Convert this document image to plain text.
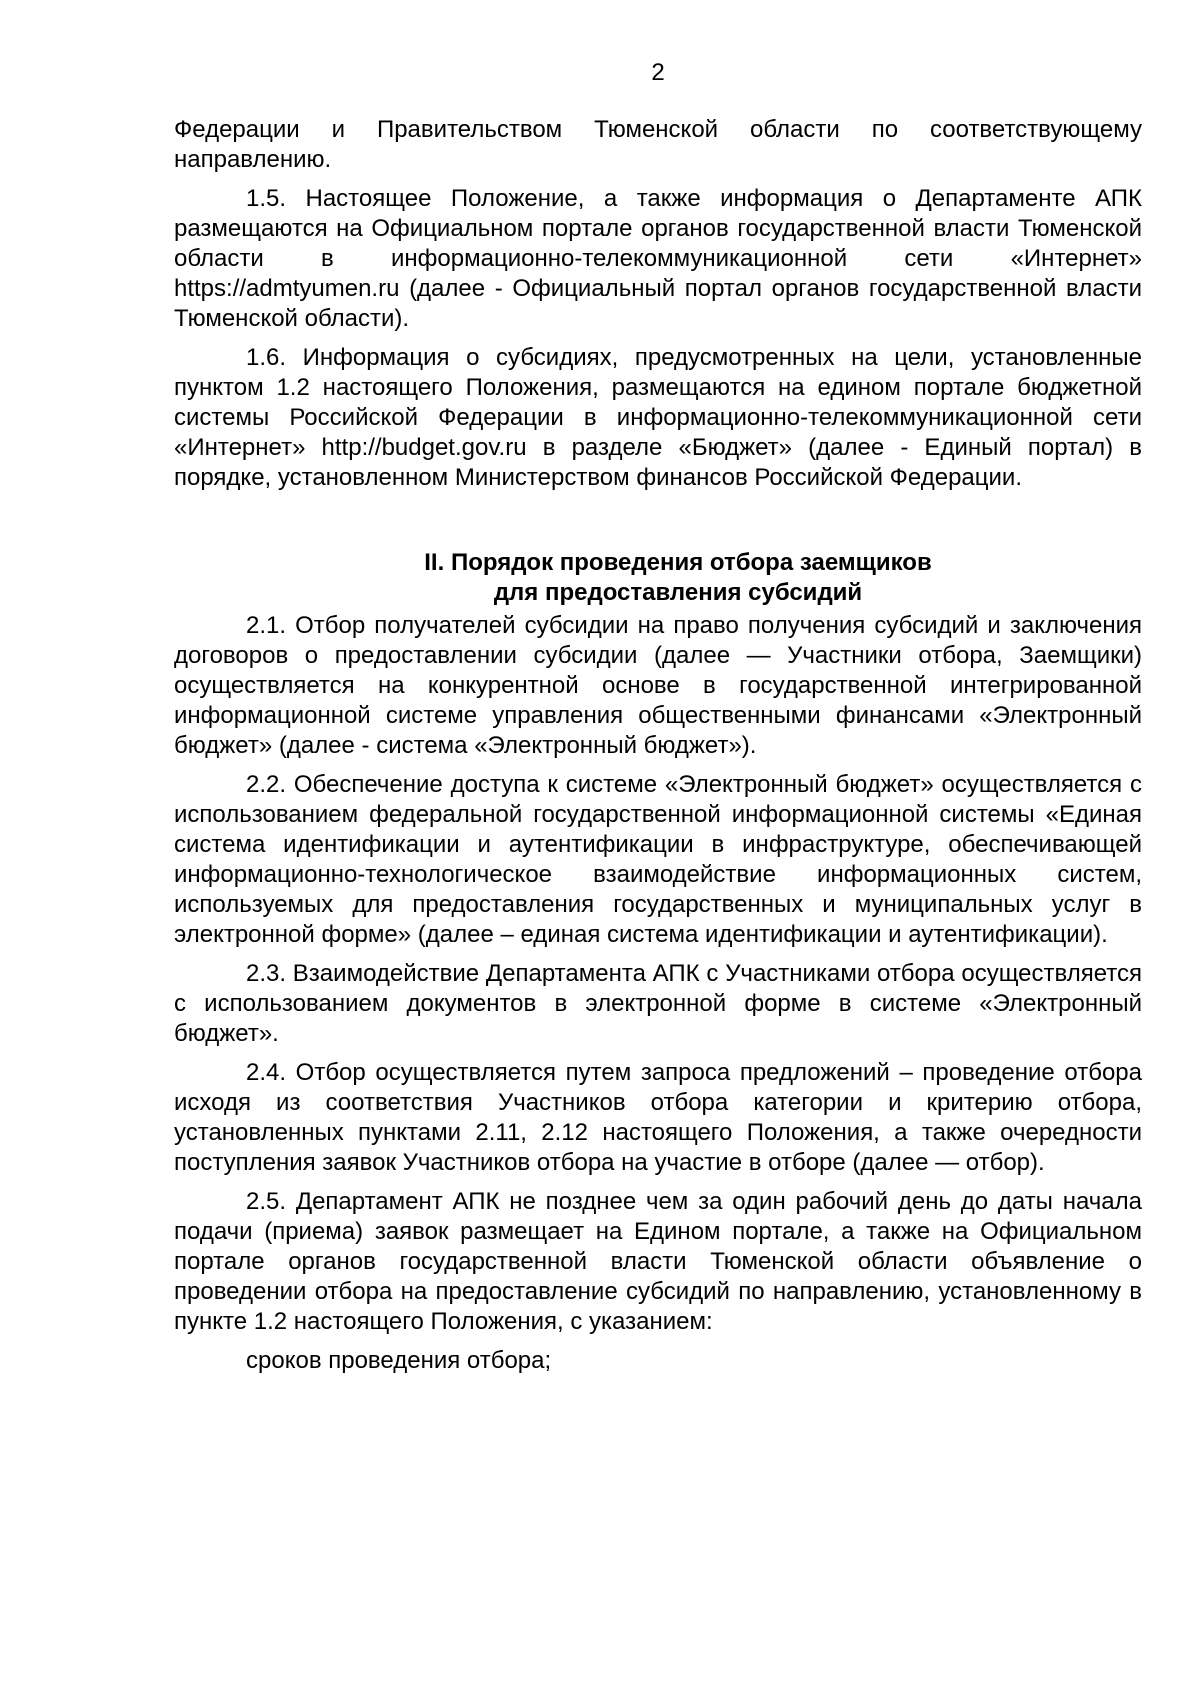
2

Федерации и Правительством Тюменской области по соответствующему направлению.

1.5. Настоящее Положение, а также информация о Департаменте АПК размещаются на Официальном портале органов государственной власти Тюменской области в информационно-телекоммуникационной сети «Интернет» https://admtyumen.ru (далее - Официальный портал органов государственной власти Тюменской области).

1.6. Информация о субсидиях, предусмотренных на цели, установленные пунктом 1.2 настоящего Положения, размещаются на едином портале бюджетной системы Российской Федерации в информационно-телекоммуникационной сети «Интернет» http://budget.gov.ru в разделе «Бюджет» (далее - Единый портал) в порядке, установленном Министерством финансов Российской Федерации.

II. Порядок проведения отбора заемщиков

для предоставления субсидий

2.1. Отбор получателей субсидии на право получения субсидий и заключения договоров о предоставлении субсидии (далее — Участники отбора, Заемщики) осуществляется на конкурентной основе в государственной интегрированной информационной системе управления общественными финансами «Электронный бюджет» (далее - система «Электронный бюджет»).

2.2. Обеспечение доступа к системе «Электронный бюджет» осуществляется с использованием федеральной государственной информационной системы «Единая система идентификации и аутентификации в инфраструктуре, обеспечивающей информационно-технологическое взаимодействие информационных систем, используемых для предоставления государственных и муниципальных услуг в электронной форме» (далее – единая система идентификации и аутентификации).

2.3. Взаимодействие Департамента АПК с Участниками отбора осуществляется с использованием документов в электронной форме в системе «Электронный бюджет».

2.4. Отбор осуществляется путем запроса предложений – проведение отбора исходя из соответствия Участников отбора категории и критерию отбора, установленных пунктами 2.11, 2.12 настоящего Положения, а также очередности поступления заявок Участников отбора на участие в отборе (далее — отбор).

2.5. Департамент АПК не позднее чем за один рабочий день до даты начала подачи (приема) заявок размещает на Едином портале, а также на Официальном портале органов государственной власти Тюменской области объявление о проведении отбора на предоставление субсидий по направлению, установленному в пункте 1.2 настоящего Положения, с указанием:

сроков проведения отбора;
